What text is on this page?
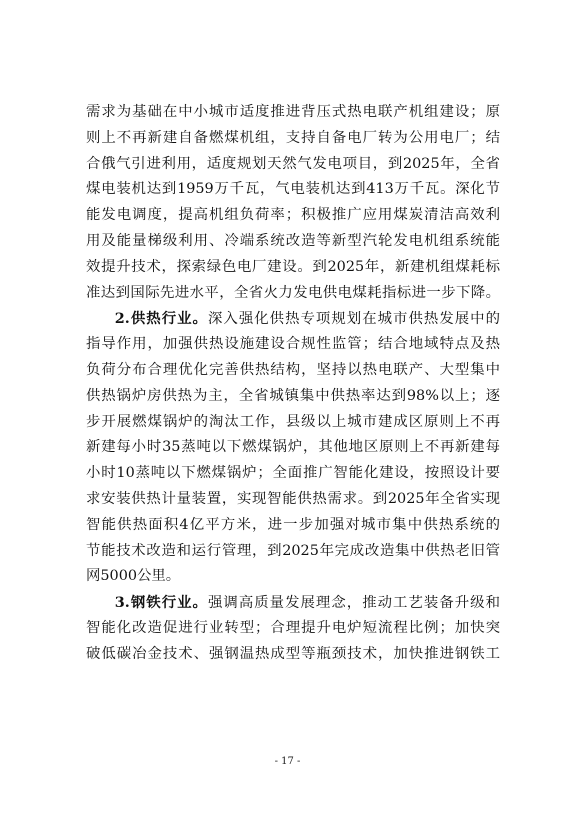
需求为基础在中小城市适度推进背压式热电联产机组建设；原
则上不再新建自备燃煤机组，支持自备电厂转为公用电厂；结
合俄气引进利用，适度规划天然气发电项目，到2025年，全省
煤电装机达到1959万千瓦，气电装机达到413万千瓦。深化节
能发电调度，提高机组负荷率；积极推广应用煤炭清洁高效利
用及能量梯级利用、冷端系统改造等新型汽轮发电机组系统能
效提升技术，探索绿色电厂建设。到2025年，新建机组煤耗标
准达到国际先进水平，全省火力发电供电煤耗指标进一步下降。
2.供热行业。深入强化供热专项规划在城市供热发展中的
指导作用，加强供热设施建设合规性监管；结合地域特点及热
负荷分布合理优化完善供热结构，坚持以热电联产、大型集中
供热锅炉房供热为主，全省城镇集中供热率达到98%以上；逐
步开展燃煤锅炉的淘汰工作，县级以上城市建成区原则上不再
新建每小时35蒸吨以下燃煤锅炉，其他地区原则上不再新建每
小时10蒸吨以下燃煤锅炉；全面推广智能化建设，按照设计要
求安装供热计量装置，实现智能供热需求。到2025年全省实现
智能供热面积4亿平方米，进一步加强对城市集中供热系统的
节能技术改造和运行管理，到2025年完成改造集中供热老旧管
网5000公里。
3.钢铁行业。强调高质量发展理念，推动工艺装备升级和
智能化改造促进行业转型；合理提升电炉短流程比例；加快突
破低碳冶金技术、强钢温热成型等瓶颈技术，加快推进钢铁工
- 17 -
